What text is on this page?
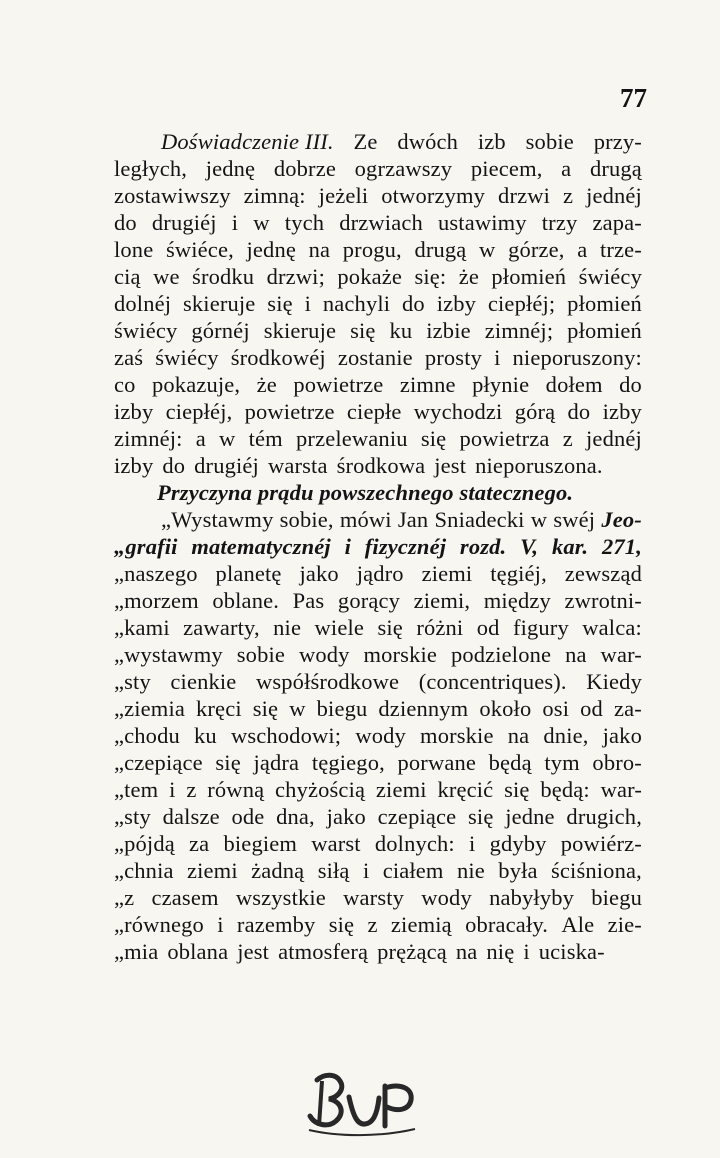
77
Doświadczenie III. Ze dwóch izb sobie przy-
ległych, jednę dobrze ogrzawszy piecem, a drugą
zostawiwszy zimną: jeżeli otworzymy drzwi z jednéj
do drugiéj i w tych drzwiach ustawimy trzy zapa-
lone świéce, jednę na progu, drugą w górze, a trze-
cią we środku drzwi; pokaże się: że płomień świécy
dolnéj skieruje się i nachyli do izby ciepłéj; płomień
świécy górnéj skieruje się ku izbie zimnéj; płomień
zaś świécy środkowéj zostanie prosty i nieporuszony:
co pokazuje, że powietrze zimne płynie dołem do
izby ciepłéj, powietrze ciepłe wychodzi górą do izby
zimnéj: a w tém przelewaniu się powietrza z jednéj
izby do drugiéj warsta środkowa jest nieporuszona.
Przyczyna prądu powszechnego statecznego.
„Wystawmy sobie, mówi Jan Sniadecki w swéj Jeo-
„grafii matematycznéj i fizycznéj rozd. V, kar. 271,
„naszego planetę jako jądro ziemi tęgiéj, zewsząd
„morzem oblane. Pas gorący ziemi, między zwrotni-
„kami zawarty, nie wiele się różni od figury walca:
„wystawmy sobie wody morskie podzielone na war-
„sty cienkie współśrodkowe (concentriques). Kiedy
„ziemia kręci się w biegu dziennym około osi od za-
„chodu ku wschodowi; wody morskie na dnie, jako
„czepiące się jądra tęgiego, porwane będą tym obro-
„tem i z równą chyżością ziemi kręcić się będą: war-
„sty dalsze ode dna, jako czepiące się jedne drugich,
„pójdą za biegiem warst dolnych: i gdyby powiérz-
„chnia ziemi żadną siłą i ciałem nie była ściśniona,
„z czasem wszystkie warsty wody nabyłyby biegu
„równego i razemby się z ziemią obracały. Ale zie-
„mia oblana jest atmosferą prężącą na nię i uciska-
